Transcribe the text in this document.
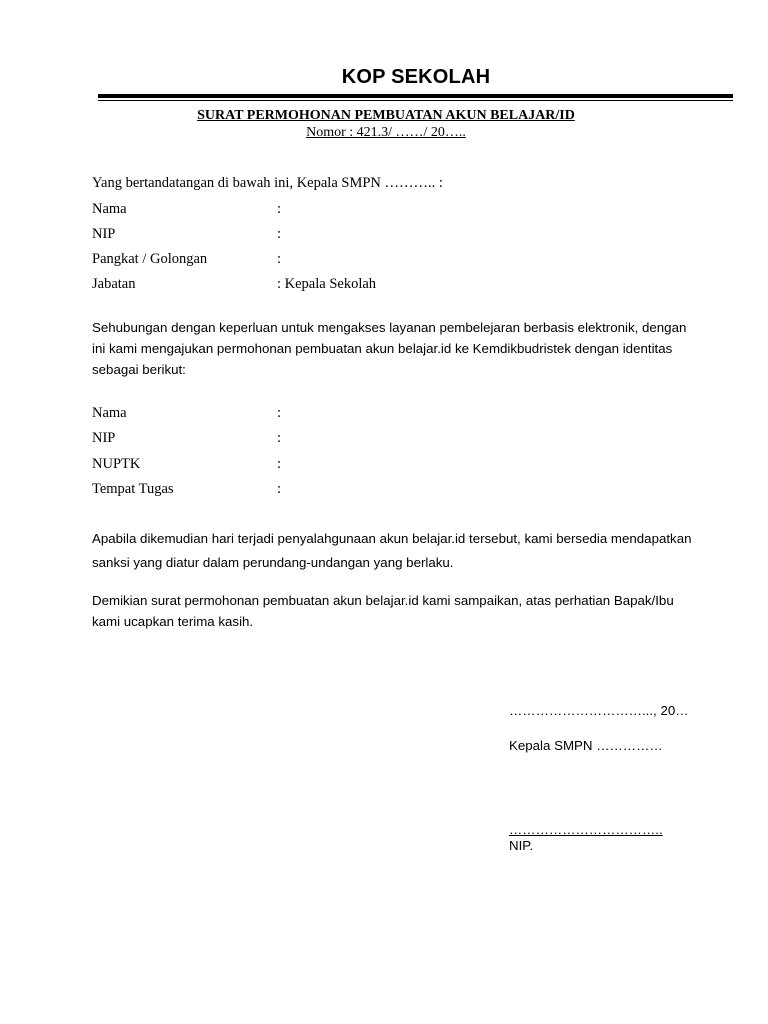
KOP SEKOLAH
SURAT PERMOHONAN PEMBUATAN AKUN BELAJAR/ID
Nomor : 421.3/ ……/ 20…..
Yang bertandatangan di bawah ini, Kepala SMPN ……….. :
Nama	:
NIP	:
Pangkat / Golongan	:
Jabatan	: Kepala Sekolah
Sehubungan dengan keperluan untuk mengakses layanan pembelejaran berbasis elektronik, dengan ini kami mengajukan permohonan pembuatan akun belajar.id ke Kemdikbudristek dengan identitas sebagai berikut:
Nama	:
NIP	:
NUPTK	:
Tempat Tugas	:
Apabila dikemudian hari terjadi penyalahgunaan akun belajar.id tersebut, kami bersedia mendapatkan sanksi yang diatur dalam perundang-undangan yang berlaku.
Demikian surat permohonan pembuatan akun belajar.id kami sampaikan, atas perhatian Bapak/Ibu kami ucapkan terima kasih.
…………………………..., 20…
Kepala SMPN ……………
……………………………..
NIP.
